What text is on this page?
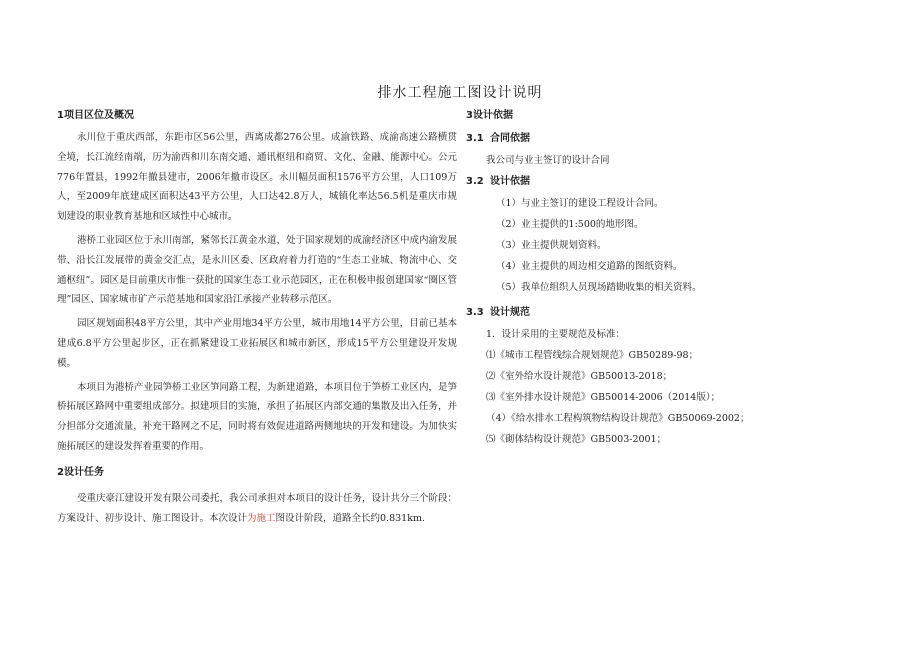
排水工程施工图设计说明
1项目区位及概况

永川位于重庆西部，东距市区56公里，西离成都276公里。成渝铁路、成渝高速公路横贯全境，长江流经南端，历为渝西和川东南交通、通讯枢纽和商贸、文化、金融、能源中心。公元776年置县，1992年撤县建市，2006年撤市设区。永川幅员面积1576平方公里，人口109万人，至2009年底建成区面积达43平方公里，人口达42.8万人，城镇化率达56.5机是重庆市规划建设的职业教育基地和区域性中心城市。

港桥工业园区位于永川南部，紧邻长江黄金水道，处于国家规划的成渝经济区中成内渝发展带、沿长江发展带的黄金交汇点，是永川区委、区政府着力打造的“生态工业城、物流中心、交通枢纽”。园区是目前重庆市惟一获批的国家生态工业示范园区，正在积极申报创建国家“圈区管理”园区、国家城市矿产示范基地和国家沿江承接产业转移示范区。

园区规划面积48平方公里，其中产业用地34平方公里，城市用地14平方公里，目前已基本建成6.8平方公里起步区，正在抓紧建设工业拓展区和城市新区，形成15平方公里建设开发规模。

本项目为港桥产业园笋桥工业区笋同路工程，为新建道路，本项目位于笋桥工业区内，是笋桥拓展区路网中重要组成部分。拟建项目的实施，承担了拓展区内部交通的集散及出入任务，并分担部分交通流量，补充干路网之不足，同时将有效促进道路两侧地块的开发和建设。为加快实施拓展区的建设发挥着重要的作用。

2设计任务

受重庆豪江建设开发有限公司委托，我公司承担对本项目的设计任务，设计共分三个阶段：方案设计、初步设计、施工图设计。本次设计为施工图设计阶段，道路全长约0.831km.

3设计依据
3.1 合同依据
我公司与业主签订的设计合同
3.2 设计依据
（1）与业主签订的建设工程设计合同。
（2）业主提供的1:500的地形图。
（3）业主提供规划资料。
（4）业主提供的周边相交道路的图纸资料。
（5）我单位组织人员现场踏勘收集的相关资料。
3.3 设计规范
1．设计采用的主要规范及标准：
⑴《城市工程管线综合规划规范》GB50289-98；
⑵《室外给水设计规范》GB50013-2018；
⑶《室外排水设计规范》GB50014-2006（2014版）；
（4）《给水排水工程构筑物结构设计规范》GB50069-2002；
⑸《砌体结构设计规范》GB5003-2001；
